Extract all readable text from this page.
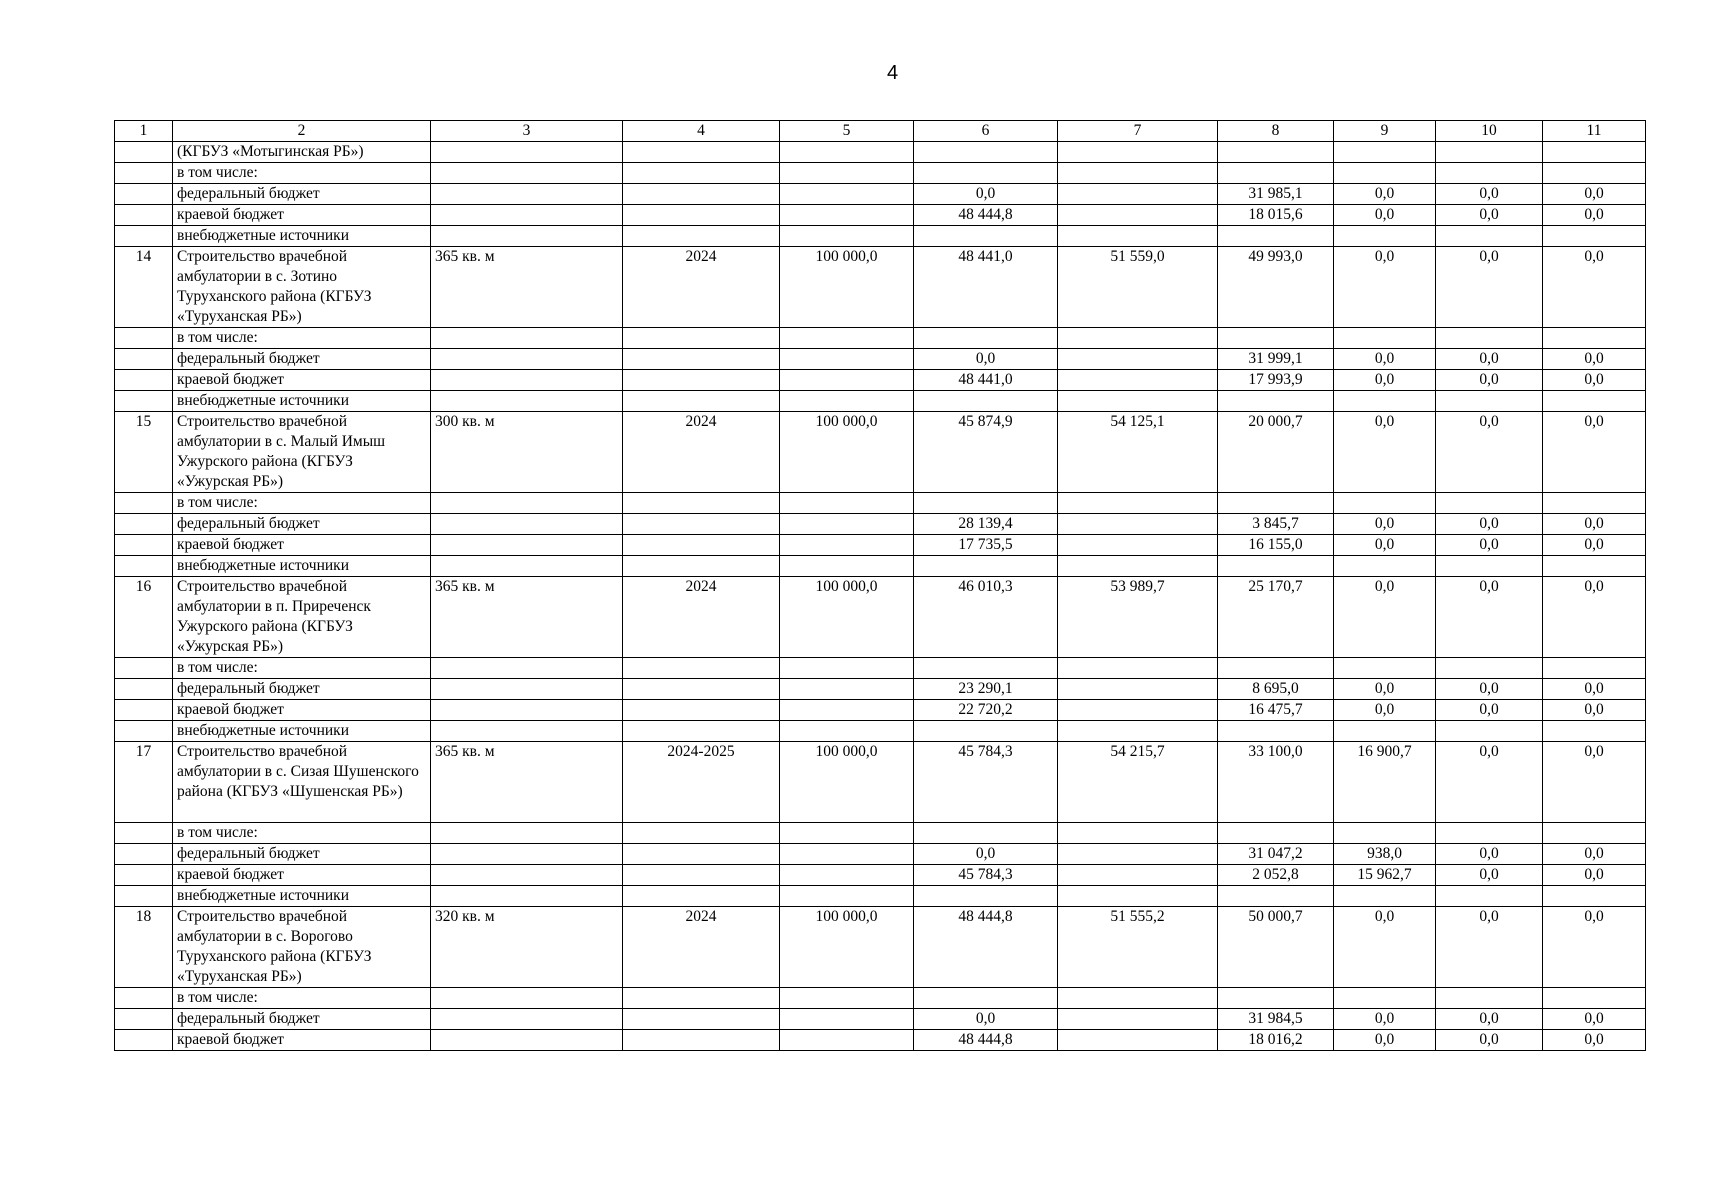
4
1	2	3	4	5	6	7	8	9	10	11
	(КГБУЗ «Мотыгинская РБ»)									
	в том числе:									
	федеральный бюджет				0,0		31 985,1	0,0	0,0	0,0
	краевой бюджет				48 444,8		18 015,6	0,0	0,0	0,0
	внебюджетные источники									
14	Строительство врачебной амбулатории в с. Зотино Туруханского района (КГБУЗ «Туруханская РБ»)	365 кв. м	2024	100 000,0	48 441,0	51 559,0	49 993,0	0,0	0,0	0,0
	в том числе:									
	федеральный бюджет				0,0		31 999,1	0,0	0,0	0,0
	краевой бюджет				48 441,0		17 993,9	0,0	0,0	0,0
	внебюджетные источники									
15	Строительство врачебной амбулатории в с. Малый Имыш Ужурского района (КГБУЗ «Ужурская РБ»)	300 кв. м	2024	100 000,0	45 874,9	54 125,1	20 000,7	0,0	0,0	0,0
	в том числе:									
	федеральный бюджет				28 139,4		3 845,7	0,0	0,0	0,0
	краевой бюджет				17 735,5		16 155,0	0,0	0,0	0,0
	внебюджетные источники									
16	Строительство врачебной амбулатории в п. Приреченск Ужурского района (КГБУЗ «Ужурская РБ»)	365 кв. м	2024	100 000,0	46 010,3	53 989,7	25 170,7	0,0	0,0	0,0
	в том числе:									
	федеральный бюджет				23 290,1		8 695,0	0,0	0,0	0,0
	краевой бюджет				22 720,2		16 475,7	0,0	0,0	0,0
	внебюджетные источники									
17	Строительство врачебной амбулатории в с. Сизая Шушенского района (КГБУЗ «Шушенская РБ»)	365 кв. м	2024-2025	100 000,0	45 784,3	54 215,7	33 100,0	16 900,7	0,0	0,0
	в том числе:									
	федеральный бюджет				0,0		31 047,2	938,0	0,0	0,0
	краевой бюджет				45 784,3		2 052,8	15 962,7	0,0	0,0
	внебюджетные источники									
18	Строительство врачебной амбулатории в с. Ворогово Туруханского района (КГБУЗ «Туруханская РБ»)	320 кв. м	2024	100 000,0	48 444,8	51 555,2	50 000,7	0,0	0,0	0,0
	в том числе:									
	федеральный бюджет				0,0		31 984,5	0,0	0,0	0,0
	краевой бюджет				48 444,8		18 016,2	0,0	0,0	0,0
